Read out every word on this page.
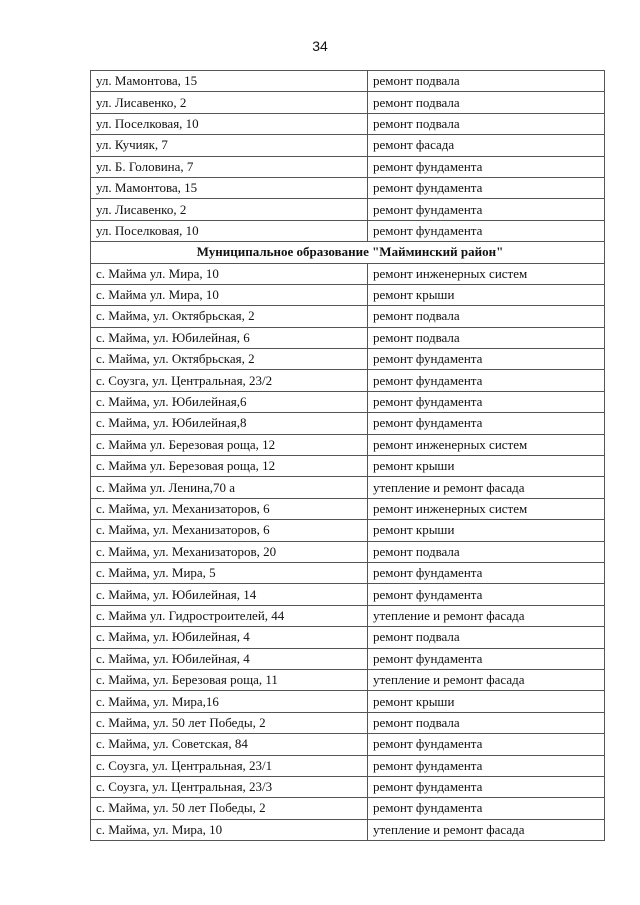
34
ул. Мамонтова, 15	ремонт подвала
ул. Лисавенко, 2	ремонт подвала
ул. Поселковая, 10	ремонт подвала
ул. Кучияк, 7	ремонт фасада
ул. Б. Головина, 7	ремонт фундамента
ул. Мамонтова, 15	ремонт фундамента
ул. Лисавенко, 2	ремонт фундамента
ул. Поселковая, 10	ремонт фундамента
Муниципальное образование "Майминский район"	
с. Майма ул. Мира, 10	ремонт инженерных систем
с. Майма ул. Мира, 10	ремонт крыши
с. Майма, ул. Октябрьская, 2	ремонт подвала
с. Майма, ул. Юбилейная, 6	ремонт подвала
с. Майма, ул. Октябрьская, 2	ремонт фундамента
с. Соузга, ул. Центральная, 23/2	ремонт фундамента
с. Майма, ул. Юбилейная,6	ремонт фундамента
с. Майма, ул. Юбилейная,8	ремонт фундамента
с. Майма ул. Березовая роща, 12	ремонт инженерных систем
с. Майма ул. Березовая роща, 12	ремонт крыши
с. Майма ул. Ленина,70 а	утепление и ремонт фасада
с. Майма, ул. Механизаторов, 6	ремонт инженерных систем
с. Майма, ул. Механизаторов, 6	ремонт крыши
с. Майма, ул. Механизаторов, 20	ремонт подвала
с. Майма, ул. Мира, 5	ремонт фундамента
с. Майма, ул. Юбилейная, 14	ремонт фундамента
с. Майма ул. Гидростроителей, 44	утепление и ремонт фасада
с. Майма, ул. Юбилейная, 4	ремонт подвала
с. Майма, ул. Юбилейная, 4	ремонт фундамента
с. Майма, ул. Березовая роща, 11	утепление и ремонт фасада
с. Майма, ул. Мира,16	ремонт крыши
с. Майма, ул. 50 лет Победы, 2	ремонт подвала
с. Майма, ул. Советская, 84	ремонт фундамента
с. Соузга, ул. Центральная, 23/1	ремонт фундамента
с. Соузга, ул. Центральная, 23/3	ремонт фундамента
с. Майма, ул. 50 лет Победы, 2	ремонт фундамента
с. Майма, ул. Мира, 10	утепление и ремонт фасада
